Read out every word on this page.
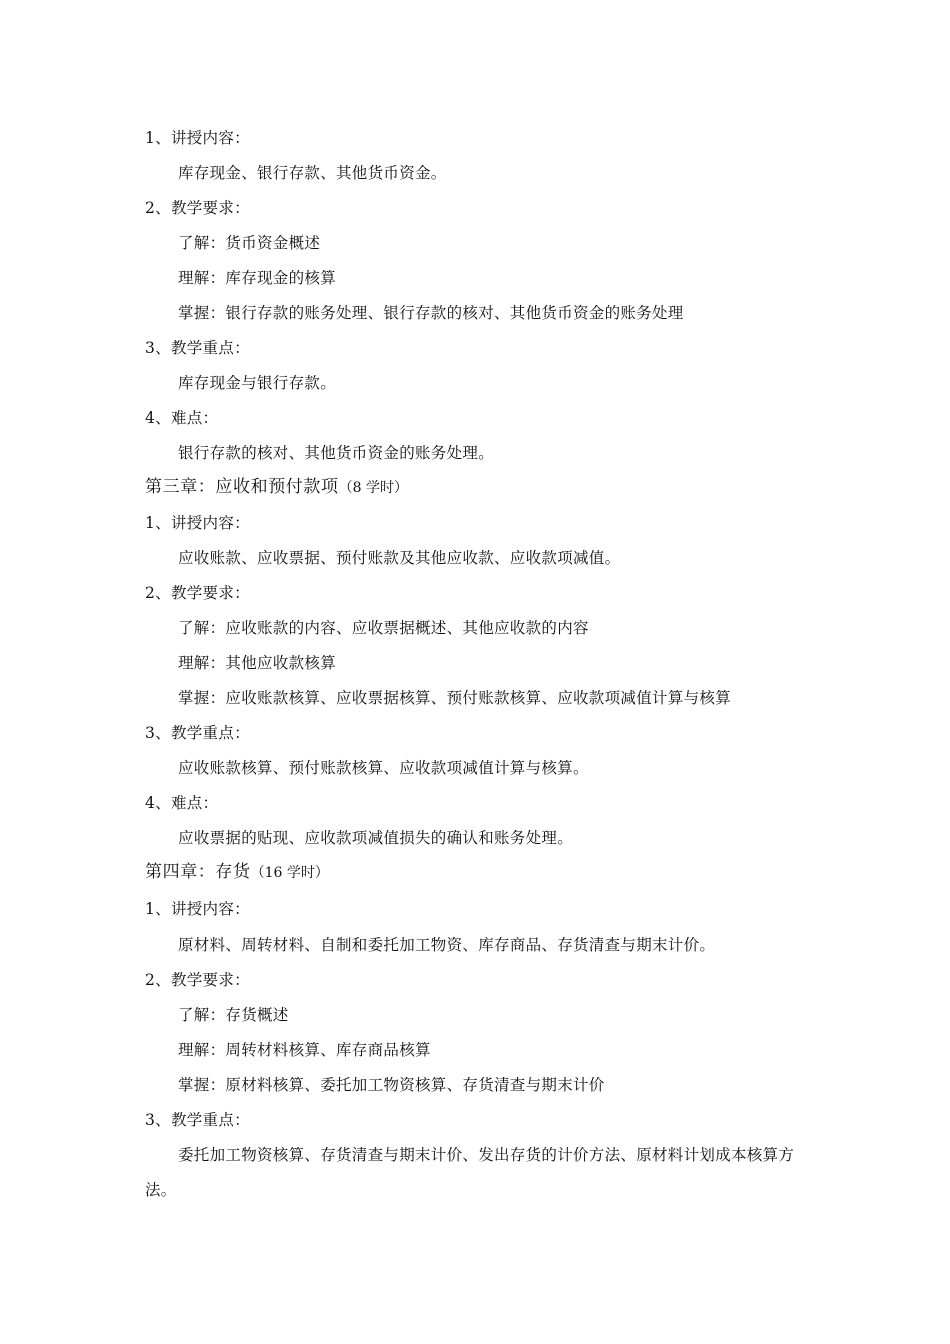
1、讲授内容：
库存现金、银行存款、其他货币资金。
2、教学要求：
了解：货币资金概述
理解：库存现金的核算
掌握：银行存款的账务处理、银行存款的核对、其他货币资金的账务处理
3、教学重点：
库存现金与银行存款。
4、难点：
银行存款的核对、其他货币资金的账务处理。
第三章：应收和预付款项（8 学时）
1、讲授内容：
应收账款、应收票据、预付账款及其他应收款、应收款项减值。
2、教学要求：
了解：应收账款的内容、应收票据概述、其他应收款的内容
理解：其他应收款核算
掌握：应收账款核算、应收票据核算、预付账款核算、应收款项减值计算与核算
3、教学重点：
应收账款核算、预付账款核算、应收款项减值计算与核算。
4、难点：
应收票据的贴现、应收款项减值损失的确认和账务处理。
第四章：存货（16 学时）
1、讲授内容：
原材料、周转材料、自制和委托加工物资、库存商品、存货清查与期末计价。
2、教学要求：
了解：存货概述
理解：周转材料核算、库存商品核算
掌握：原材料核算、委托加工物资核算、存货清查与期末计价
3、教学重点：
委托加工物资核算、存货清查与期末计价、发出存货的计价方法、原材料计划成本核算方法。
